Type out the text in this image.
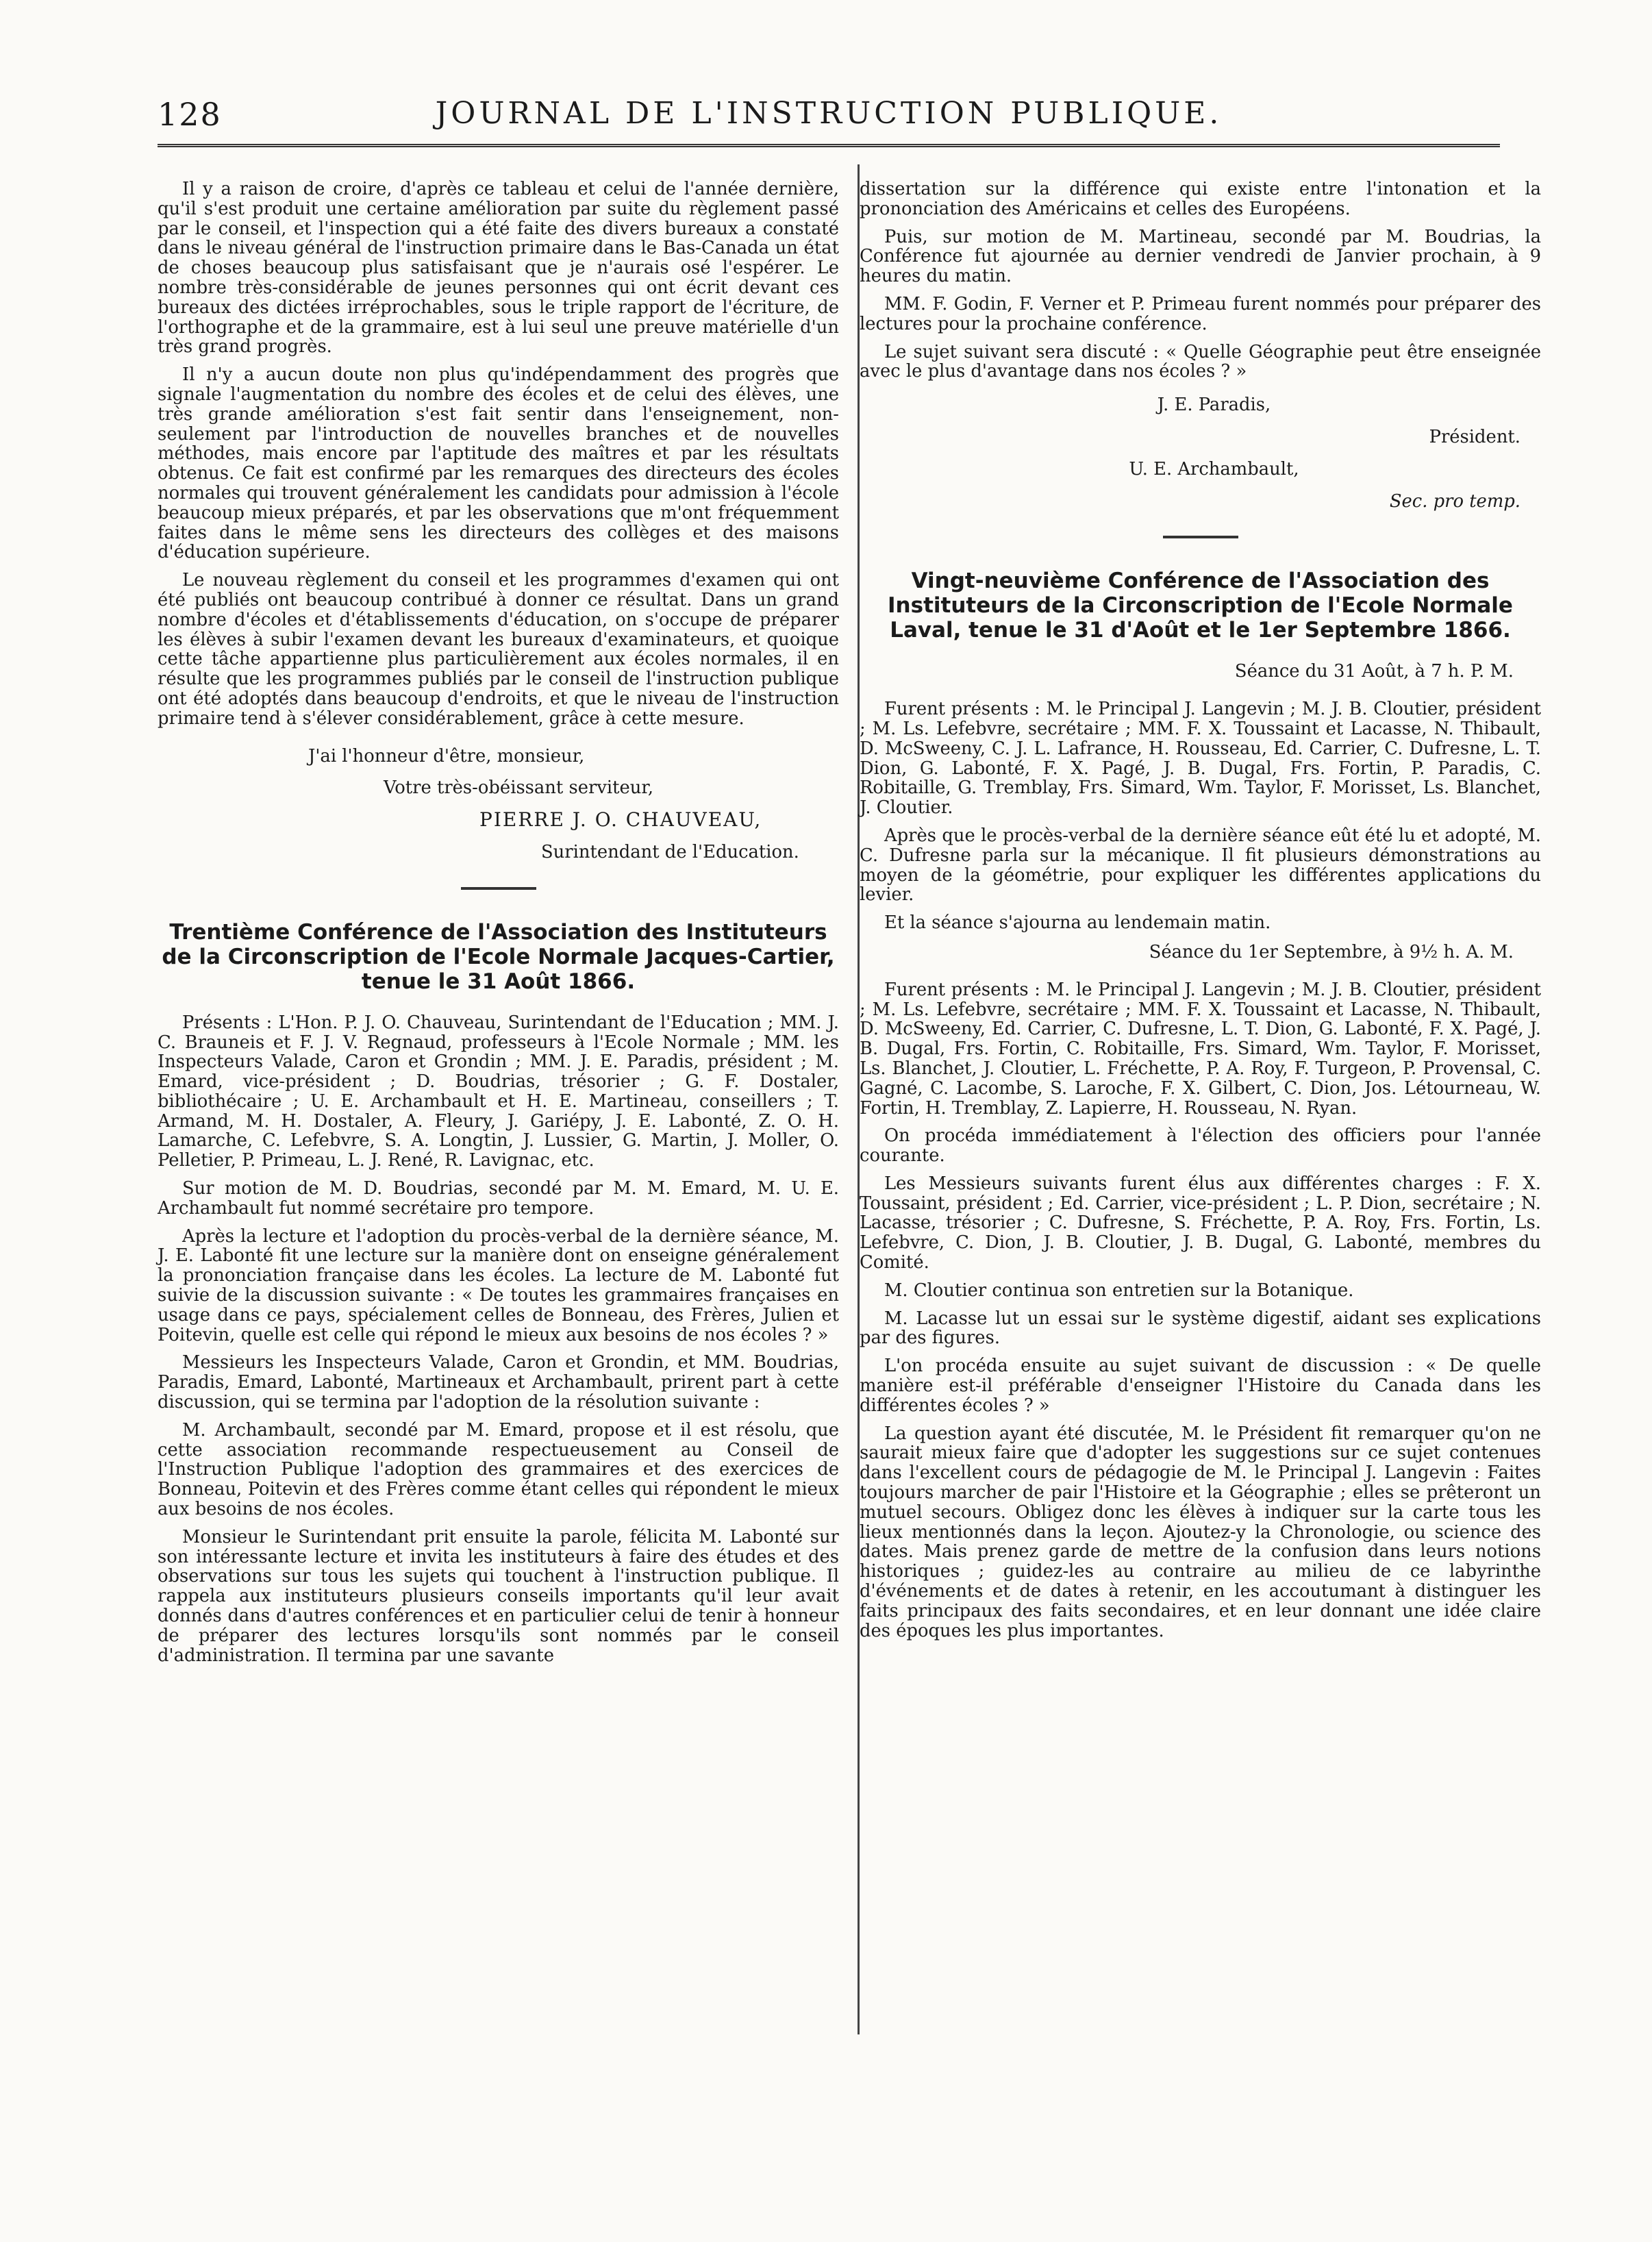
128	JOURNAL DE L'INSTRUCTION PUBLIQUE.

Il y a raison de croire, d'après ce tableau et celui de l'année dernière, qu'il s'est produit une certaine amélioration par suite du règlement passé par le conseil, et l'inspection qui a été faite des divers bureaux a constaté dans le niveau général de l'instruction primaire dans le Bas-Canada un état de choses beaucoup plus satisfaisant que je n'aurais osé l'espérer. Le nombre très-considérable de jeunes personnes qui ont écrit devant ces bureaux des dictées irréprochables, sous le triple rapport de l'écriture, de l'orthographe et de la grammaire, est à lui seul une preuve matérielle d'un très grand progrès.

Il n'y a aucun doute non plus qu'indépendamment des progrès que signale l'augmentation du nombre des écoles et de celui des élèves, une très grande amélioration s'est fait sentir dans l'enseignement, non-seulement par l'introduction de nouvelles branches et de nouvelles méthodes, mais encore par l'aptitude des maîtres et par les résultats obtenus. Ce fait est confirmé par les remarques des directeurs des écoles normales qui trouvent généralement les candidats pour admission à l'école beaucoup mieux préparés, et par les observations que m'ont fréquemment faites dans le même sens les directeurs des collèges et des maisons d'éducation supérieure.

Le nouveau règlement du conseil et les programmes d'examen qui ont été publiés ont beaucoup contribué à donner ce résultat. Dans un grand nombre d'écoles et d'établissements d'éducation, on s'occupe de préparer les élèves à subir l'examen devant les bureaux d'examinateurs, et quoique cette tâche appartienne plus particulièrement aux écoles normales, il en résulte que les programmes publiés par le conseil de l'instruction publique ont été adoptés dans beaucoup d'endroits, et que le niveau de l'instruction primaire tend à s'élever considérablement, grâce à cette mesure.

J'ai l'honneur d'être, monsieur,
Votre très-obéissant serviteur,
PIERRE J. O. CHAUVEAU,
Surintendant de l'Education.
Trentième Conférence de l'Association des Instituteurs de la Circonscription de l'Ecole Normale Jacques-Cartier, tenue le 31 Août 1866.

Présents : L'Hon. P. J. O. Chauveau, Surintendant de l'Education ; MM. J. C. Brauneis et F. J. V. Regnaud, professeurs à l'Ecole Normale ; MM. les Inspecteurs Valade, Caron et Grondin ; MM. J. E. Paradis, président ; M. Emard, vice-président ; D. Boudrias, trésorier ; G. F. Dostaler, bibliothécaire ; U. E. Archambault et H. E. Martineau, conseillers ; T. Armand, M. H. Dostaler, A. Fleury, J. Gariépy, J. E. Labonté, Z. O. H. Lamarche, C. Lefebvre, S. A. Longtin, J. Lussier, G. Martin, J. Moller, O. Pelletier, P. Primeau, L. J. René, R. Lavignac, etc.

Sur motion de M. D. Boudrias, secondé par M. M. Emard, M. U. E. Archambault fut nommé secrétaire pro tempore.

Après la lecture et l'adoption du procès-verbal de la dernière séance, M. J. E. Labonté fit une lecture sur la manière dont on enseigne généralement la prononciation française dans les écoles. La lecture de M. Labonté fut suivie de la discussion suivante : « De toutes les grammaires françaises en usage dans ce pays, spécialement celles de Bonneau, des Frères, Julien et Poitevin, quelle est celle qui répond le mieux aux besoins de nos écoles ? »

Messieurs les Inspecteurs Valade, Caron et Grondin, et MM. Boudrias, Paradis, Emard, Labonté, Martineaux et Archambault, prirent part à cette discussion, qui se termina par l'adoption de la résolution suivante :

M. Archambault, secondé par M. Emard, propose et il est résolu, que cette association recommande respectueusement au Conseil de l'Instruction Publique l'adoption des grammaires et des exercices de Bonneau, Poitevin et des Frères comme étant celles qui répondent le mieux aux besoins de nos écoles.

Monsieur le Surintendant prit ensuite la parole, félicita M. Labonté sur son intéressante lecture et invita les instituteurs à faire des études et des observations sur tous les sujets qui touchent à l'instruction publique. Il rappela aux instituteurs plusieurs conseils importants qu'il leur avait donnés dans d'autres conférences et en particulier celui de tenir à honneur de préparer des lectures lorsqu'ils sont nommés par le conseil d'administration. Il termina par une savante

dissertation sur la différence qui existe entre l'intonation et la prononciation des Américains et celles des Européens.

Puis, sur motion de M. Martineau, secondé par M. Boudrias, la Conférence fut ajournée au dernier vendredi de Janvier prochain, à 9 heures du matin.

MM. F. Godin, F. Verner et P. Primeau furent nommés pour préparer des lectures pour la prochaine conférence.

Le sujet suivant sera discuté : « Quelle Géographie peut être enseignée avec le plus d'avantage dans nos écoles ? »

J. E. Paradis,
Président.
U. E. Archambault,
Sec. pro temp.
Vingt-neuvième Conférence de l'Association des Instituteurs de la Circonscription de l'Ecole Normale Laval, tenue le 31 d'Août et le 1er Septembre 1866.
Séance du 31 Août, à 7 h. P. M.

Furent présents : M. le Principal J. Langevin ; M. J. B. Cloutier, président ; M. Ls. Lefebvre, secrétaire ; MM. F. X. Toussaint et Lacasse, N. Thibault, D. McSweeny, C. J. L. Lafrance, H. Rousseau, Ed. Carrier, C. Dufresne, L. T. Dion, G. Labonté, F. X. Pagé, J. B. Dugal, Frs. Fortin, P. Paradis, C. Robitaille, G. Tremblay, Frs. Simard, Wm. Taylor, F. Morisset, Ls. Blanchet, J. Cloutier.

Après que le procès-verbal de la dernière séance eût été lu et adopté, M. C. Dufresne parla sur la mécanique. Il fit plusieurs démonstrations au moyen de la géométrie, pour expliquer les différentes applications du levier.

Et la séance s'ajourna au lendemain matin.

Séance du 1er Septembre, à 9½ h. A. M.

Furent présents : M. le Principal J. Langevin ; M. J. B. Cloutier, président ; M. Ls. Lefebvre, secrétaire ; MM. F. X. Toussaint et Lacasse, N. Thibault, D. McSweeny, Ed. Carrier, C. Dufresne, L. T. Dion, G. Labonté, F. X. Pagé, J. B. Dugal, Frs. Fortin, C. Robitaille, Frs. Simard, Wm. Taylor, F. Morisset, Ls. Blanchet, J. Cloutier, L. Fréchette, P. A. Roy, F. Turgeon, P. Provensal, C. Gagné, C. Lacombe, S. Laroche, F. X. Gilbert, C. Dion, Jos. Létourneau, W. Fortin, H. Tremblay, Z. Lapierre, H. Rousseau, N. Ryan.

On procéda immédiatement à l'élection des officiers pour l'année courante.

Les Messieurs suivants furent élus aux différentes charges : F. X. Toussaint, président ; Ed. Carrier, vice-président ; L. P. Dion, secrétaire ; N. Lacasse, trésorier ; C. Dufresne, S. Fréchette, P. A. Roy, Frs. Fortin, Ls. Lefebvre, C. Dion, J. B. Cloutier, J. B. Dugal, G. Labonté, membres du Comité.

M. Cloutier continua son entretien sur la Botanique.

M. Lacasse lut un essai sur le système digestif, aidant ses explications par des figures.

L'on procéda ensuite au sujet suivant de discussion : « De quelle manière est-il préférable d'enseigner l'Histoire du Canada dans les différentes écoles ? »

La question ayant été discutée, M. le Président fit remarquer qu'on ne saurait mieux faire que d'adopter les suggestions sur ce sujet contenues dans l'excellent cours de pédagogie de M. le Principal J. Langevin : Faites toujours marcher de pair l'Histoire et la Géographie ; elles se prêteront un mutuel secours. Obligez donc les élèves à indiquer sur la carte tous les lieux mentionnés dans la leçon. Ajoutez-y la Chronologie, ou science des dates. Mais prenez garde de mettre de la confusion dans leurs notions historiques ; guidez-les au contraire au milieu de ce labyrinthe d'événements et de dates à retenir, en les accoutumant à distinguer les faits principaux des faits secondaires, et en leur donnant une idée claire des époques les plus importantes.
